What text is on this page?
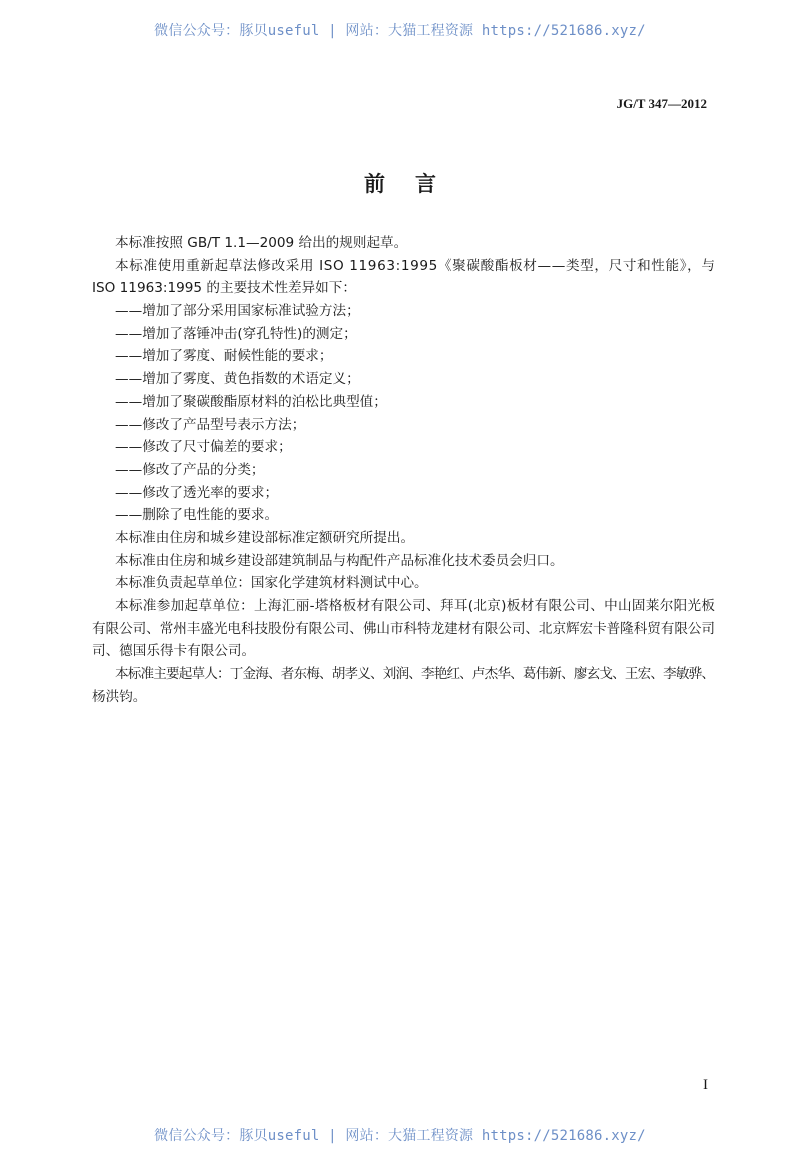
微信公众号：豚贝useful | 网站：大猫工程资源 https://521686.xyz/
JG/T 347—2012
前言
本标准按照 GB/T 1.1—2009 给出的规则起草。
本标准使用重新起草法修改采用 ISO 11963:1995《聚碳酸酯板材——类型，尺寸和性能》，与
ISO 11963:1995 的主要技术性差异如下：
——增加了部分采用国家标准试验方法；
——增加了落锤冲击(穿孔特性)的测定；
——增加了雾度、耐候性能的要求；
——增加了雾度、黄色指数的术语定义；
——增加了聚碳酸酯原材料的泊松比典型值；
——修改了产品型号表示方法；
——修改了尺寸偏差的要求；
——修改了产品的分类；
——修改了透光率的要求；
——删除了电性能的要求。
本标准由住房和城乡建设部标准定额研究所提出。
本标准由住房和城乡建设部建筑制品与构配件产品标准化技术委员会归口。
本标准负责起草单位：国家化学建筑材料测试中心。
本标准参加起草单位：上海汇丽-塔格板材有限公司、拜耳(北京)板材有限公司、中山固莱尔阳光板
有限公司、常州丰盛光电科技股份有限公司、佛山市科特龙建材有限公司、北京辉宏卡普隆科贸有限公司
司、德国乐得卡有限公司。
本标准主要起草人：丁金海、者东梅、胡孝义、刘润、李艳红、卢杰华、葛伟新、廖玄戈、王宏、李敏骅、
杨洪钧。
I
微信公众号：豚贝useful | 网站：大猫工程资源 https://521686.xyz/
